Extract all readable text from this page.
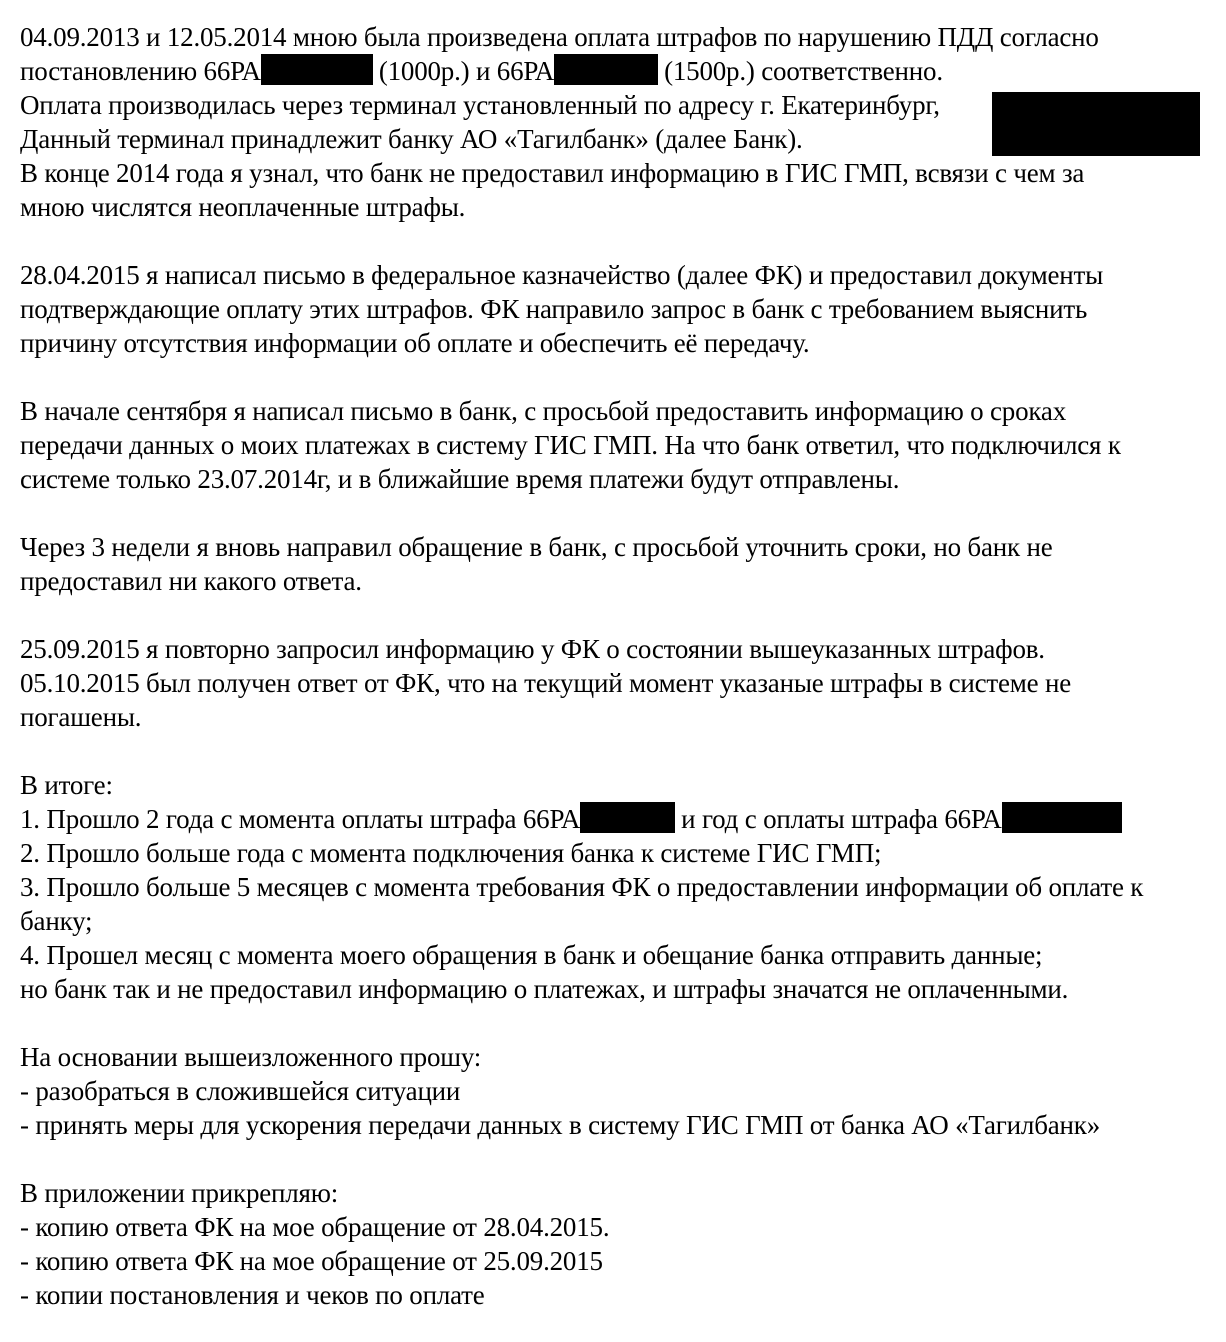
04.09.2013 и 12.05.2014 мною была произведена оплата штрафов по нарушению ПДД согласно
постановлению 66РА	(1000р.) и 66РА	(1500р.) соответственно.
Оплата производилась через терминал установленный по адресу г. Екатеринбург,
Данный терминал принадлежит банку АО «Тагилбанк» (далее Банк).
В конце 2014 года я узнал, что банк не предоставил информацию в ГИС ГМП, всвязи с чем за
мною числятся неоплаченные штрафы.
28.04.2015 я написал письмо в федеральное казначейство (далее ФК) и предоставил документы
подтверждающие оплату этих штрафов. ФК направило запрос в банк с требованием выяснить
причину отсутствия информации об оплате и обеспечить её передачу.
В начале сентября я написал письмо в банк, с просьбой предоставить информацию о сроках
передачи данных о моих платежах в систему ГИС ГМП. На что банк ответил, что подключился к
системе только 23.07.2014г, и в ближайшие время платежи будут отправлены.
Через 3 недели я вновь направил обращение в банк, с просьбой уточнить сроки, но банк не
предоставил ни какого ответа.
25.09.2015 я повторно запросил информацию у ФК о состоянии вышеуказанных штрафов.
05.10.2015 был получен ответ от ФК, что на текущий момент указаные штрафы в системе не
погашены.
В итоге:
1. Прошло 2 года с момента оплаты штрафа 66РА	и год с оплаты штрафа 66РА
2. Прошло больше года с момента подключения банка к системе ГИС ГМП;
3. Прошло больше 5 месяцев с момента требования ФК о предоставлении информации об оплате к
банку;
4. Прошел месяц с момента моего обращения в банк и обещание банка отправить данные;
но банк так и не предоставил информацию о платежах, и штрафы значатся не оплаченными.
На основании вышеизложенного прошу:
- разобраться в сложившейся ситуации
- принять меры для ускорения передачи данных в систему ГИС ГМП от банка АО «Тагилбанк»
В приложении прикрепляю:
- копию ответа ФК на мое обращение от 28.04.2015.
- копию ответа ФК на мое обращение от 25.09.2015
- копии постановления и чеков по оплате
